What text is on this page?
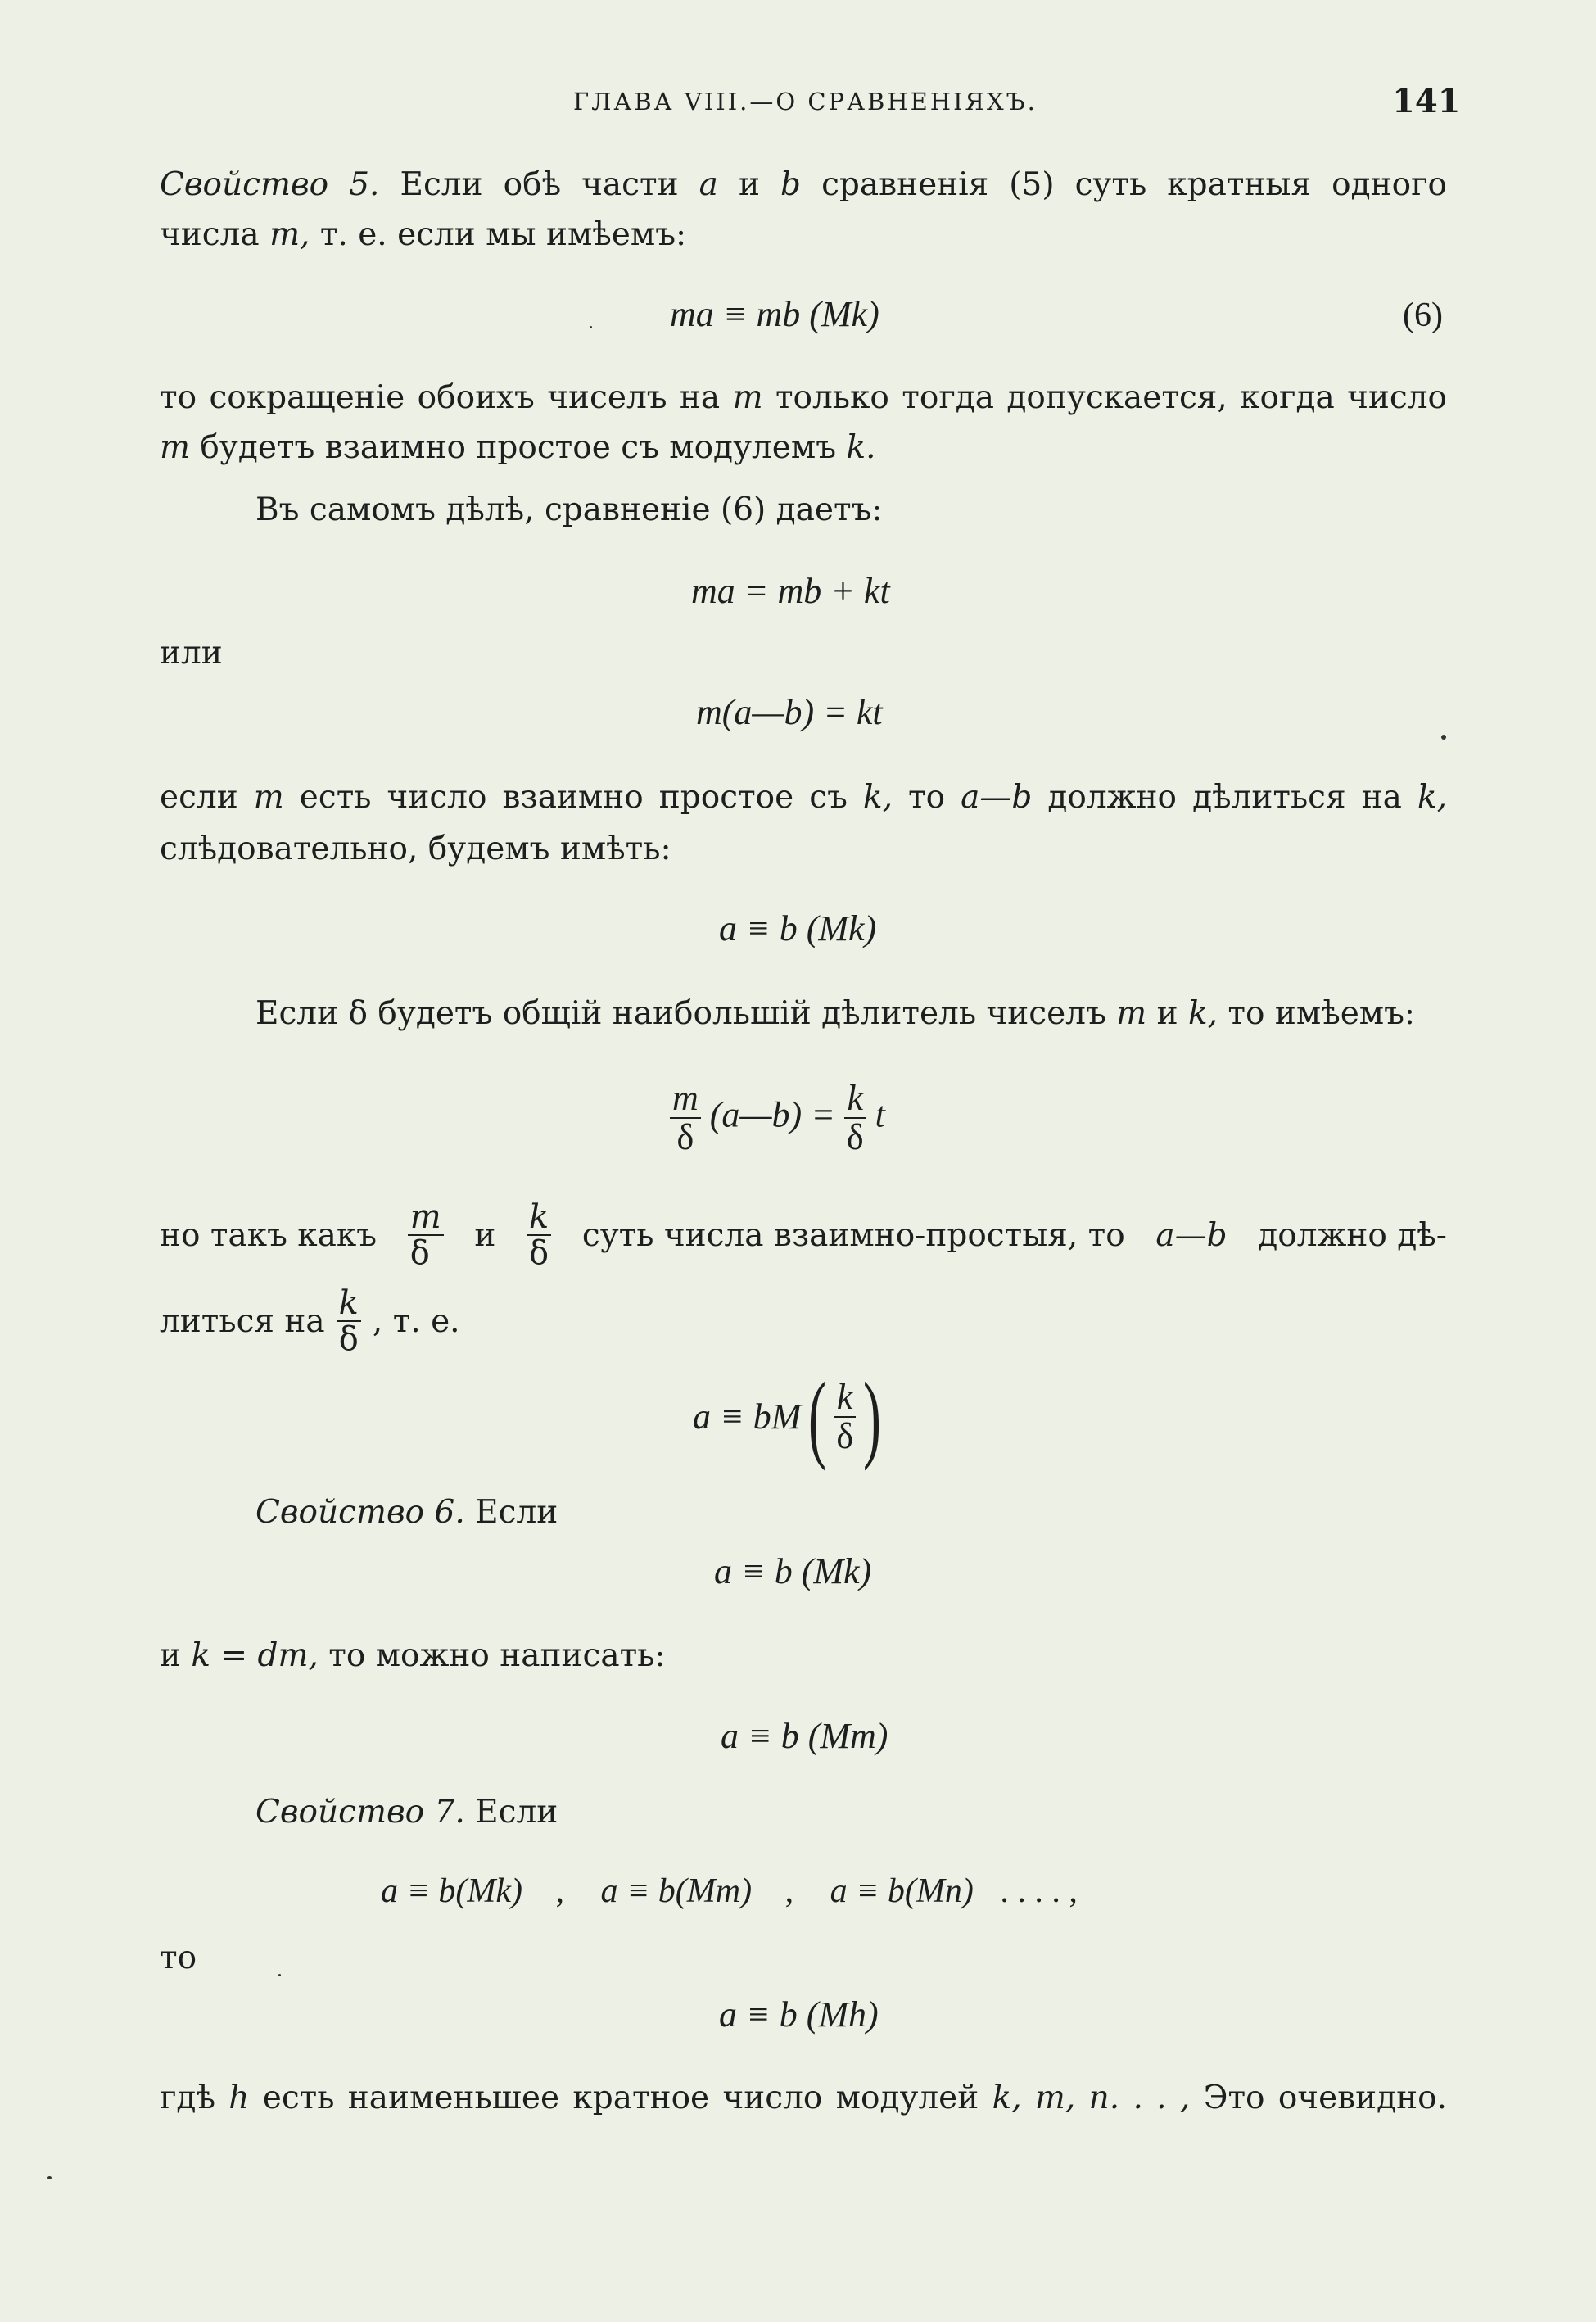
ГЛАВА VIII.—О СРАВНЕНІЯХЪ.	141
Свойство 5. Если обѣ части a и b сравненія (5) суть кратныя одного
числа m, т. е. если мы имѣемъ:
ma ≡ mb (Mk)	(6)
то сокращеніе обоихъ чиселъ на m только тогда допускается, когда число
m будетъ взаимно простое съ модулемъ k.
Въ самомъ дѣлѣ, сравненіе (6) даетъ:
ma = mb + kt
или
m(a—b) = kt
если m есть число взаимно простое съ k, то a—b должно дѣлиться на k,
слѣдовательно, будемъ имѣть:
a ≡ b (Mk)
Если δ будетъ общій наибольшій дѣлитель чиселъ m и k, то имѣемъ:
$\frac{m}{\delta}$ (a—b) = $\frac{k}{\delta}$ t
но такъ какъ $\frac{m}{\delta}$ и $\frac{k}{\delta}$ суть числа взаимно-простыя, то a—b должно дѣ-
литься на $\frac{k}{\delta}$ , т. е.
a ≡ bM ( $\frac{k}{\delta}$ )
Свойство 6. Если
a ≡ b (Mk)
и k = dm, то можно написать:
a ≡ b (Mm)
Свойство 7. Если
a ≡ b(Mk) , a ≡ b(Mm) , a ≡ b(Mn) . . . . ,
то
a ≡ b (Mh)
гдѣ h есть наименьшее кратное число модулей k, m, n. . . , Это очевидно.
